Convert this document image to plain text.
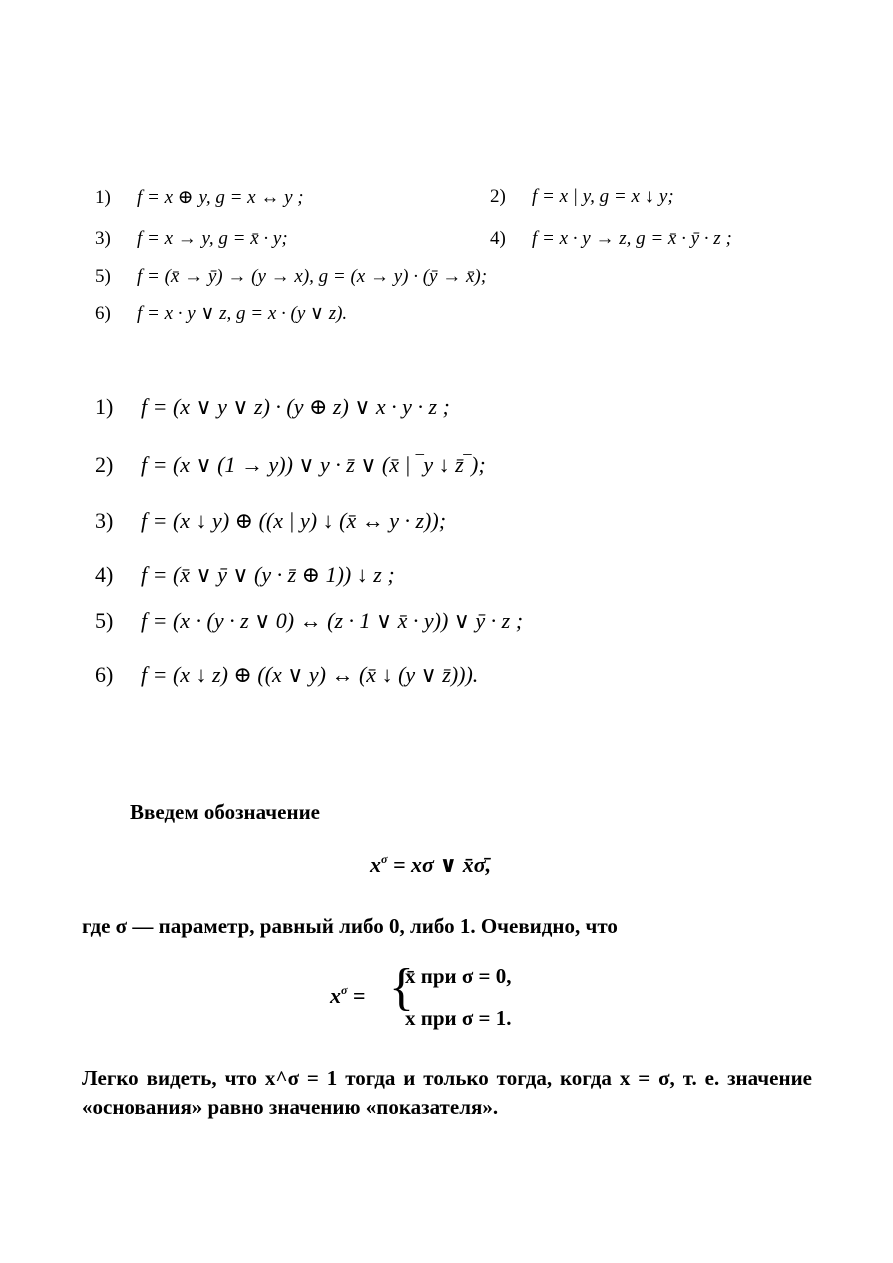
1) f = x ⊕ y, g = x ↔ y ;	2) f = x | y, g = x ↓ y;
3) f = x → y, g = x̄ · y;	4) f = x · y → z, g = x̄ · ȳ · z ;
5) f = (x̄ → ȳ) → (y → x), g = (x → y) · (ȳ → x̄);
6) f = x · y ∨ z, g = x · (y ∨ z).
1) f = (x ∨ y ∨ z) · (y ⊕ z) ∨ x · y · z ;
2) f = (x ∨ (1 → y)) ∨ y · z̄ ∨ (x̄ | ‾y ↓ z̄‾);
3) f = (x ↓ y) ⊕ ((x | y) ↓ (x̄ ↔ y · z));
4) f = (x̄ ∨ ȳ ∨ (y · z̄ ⊕ 1)) ↓ z ;
5) f = (x · (y · z ∨ 0) ↔ (z · 1 ∨ x̄ · y)) ∨ ȳ · z ;
6) f = (x ↓ z) ⊕ ((x ∨ y) ↔ (x̄ ↓ (y ∨ z̄))).
Введем обозначение
$x^\sigma = x\sigma$ ∨ x̄σ̄,
где σ — параметр, равный либо 0, либо 1. Очевидно, что
$x^\sigma$ = {
x̄ при σ = 0,
x при σ = 1.
Легко видеть, что x^σ = 1 тогда и только тогда, когда x = σ, т. е. значение «основания» равно значению «показателя».
